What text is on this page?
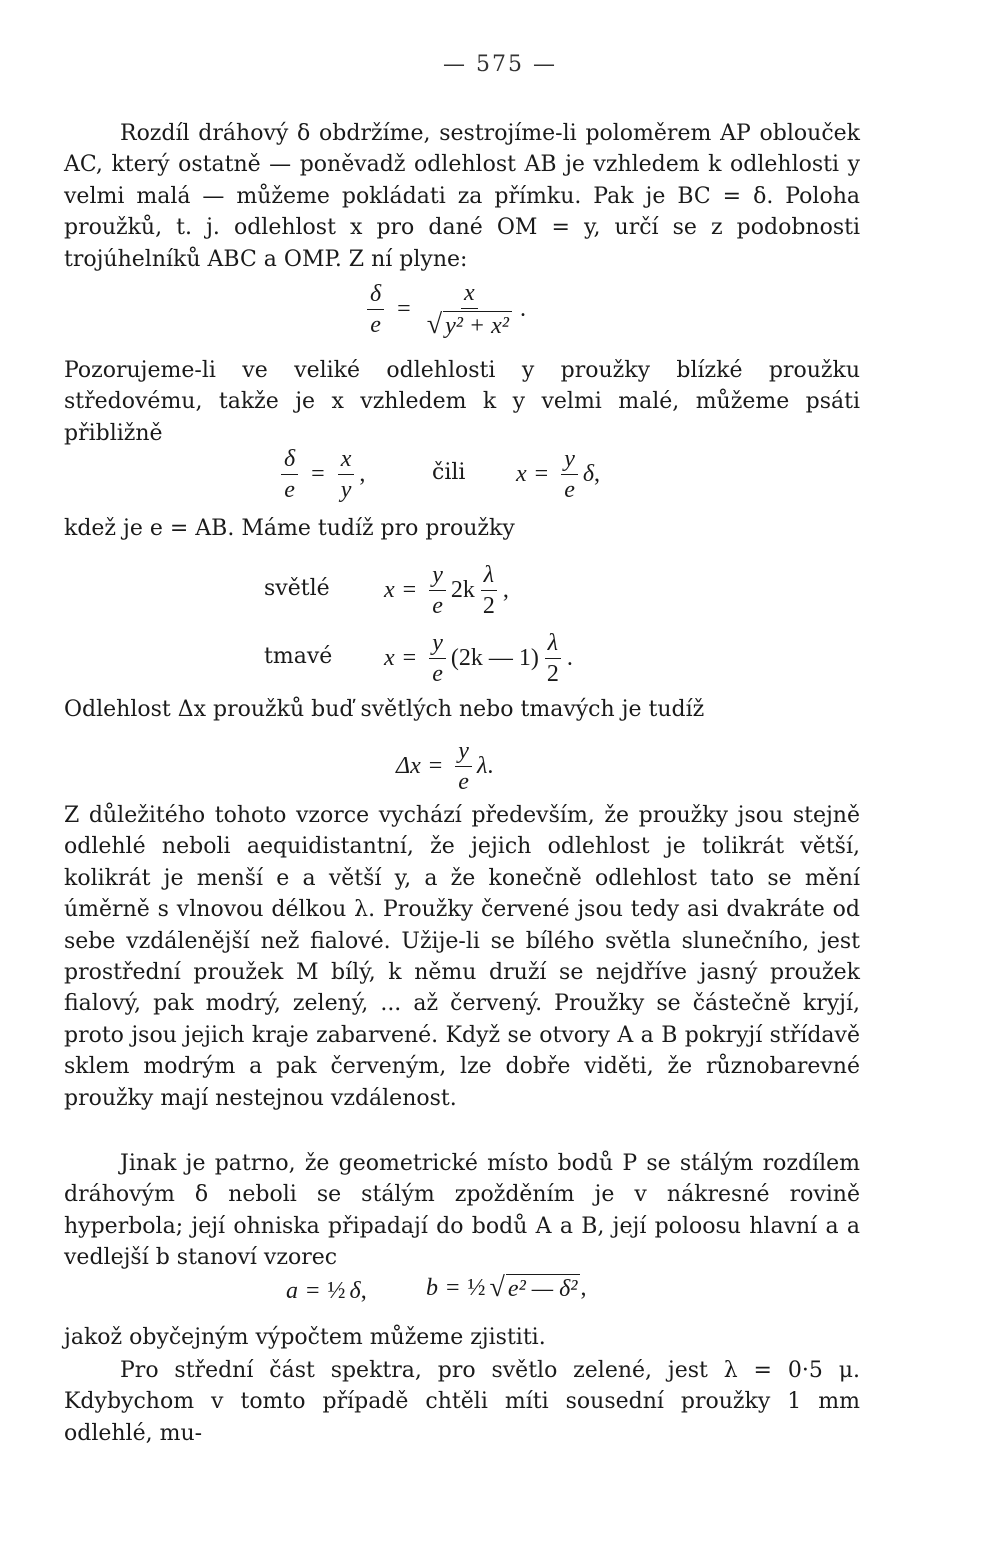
— 575 —

Rozdíl dráhový δ obdržíme, sestrojíme-li poloměrem AP oblouček AC, který ostatně — poněvadž odlehlost AB je vzhledem k odlehlosti y velmi malá — můžeme pokládati za přímku. Pak je BC = δ. Poloha proužků, t. j. odlehlost x pro dané OM = y, určí se z podobnosti trojúhelníků ABC a OMP. Z ní plyne:

$\frac{\delta}{e} = \frac{x}{\text{√ y² + x²}}$ .

Pozorujeme-li ve veliké odlehlosti y proužky blízké proužku středovému, takže je x vzhledem k y velmi malé, můžeme psáti přibližně

$\frac{\delta}{e} = \frac{x}{y}$ ,	čili $x = \frac{y}{e}$ δ ,

kdež je e = AB. Máme tudíž pro proužky

světlé $x = \frac{y}{e} 2k \frac{\lambda}{2}$ ,
tmavé $x = \frac{y}{e} (2k$ — $1) \frac{\lambda}{2}$ .

Odlehlost Δx proužků buď světlých nebo tmavých je tudíž

$\Delta x = \frac{y}{e}$ λ .

Z důležitého tohoto vzorce vychází především, že proužky jsou stejně odlehlé neboli aequidistantní, že jejich odlehlost je tolikrát větší, kolikrát je menší e a větší y, a že konečně odlehlost tato se mění úměrně s vlnovou délkou λ. Proužky červené jsou tedy asi dvakráte od sebe vzdálenější než fialové. Užije-li se bílého světla slunečního, jest prostřední proužek M bílý, k němu druží se nejdříve jasný proužek fialový, pak modrý, zelený, ... až červený. Proužky se částečně kryjí, proto jsou jejich kraje zabarvené. Když se otvory A a B pokryjí střídavě sklem modrým a pak červeným, lze dobře viděti, že různobarevné proužky mají nestejnou vzdálenost.

Jinak je patrno, že geometrické místo bodů P se stálým rozdílem dráhovým δ neboli se stálým zpožděním je v nákresné rovině hyperbola; její ohniska připadají do bodů A a B, její poloosu hlavní a a vedlejší b stanoví vzorec

a = ½ δ , b = ½ √ e² — δ² ,

jakož obyčejným výpočtem můžeme zjistiti.

Pro střední část spektra, pro světlo zelené, jest λ = 0·5 μ. Kdybychom v tomto případě chtěli míti sousední proužky 1 mm odlehlé, mu-
